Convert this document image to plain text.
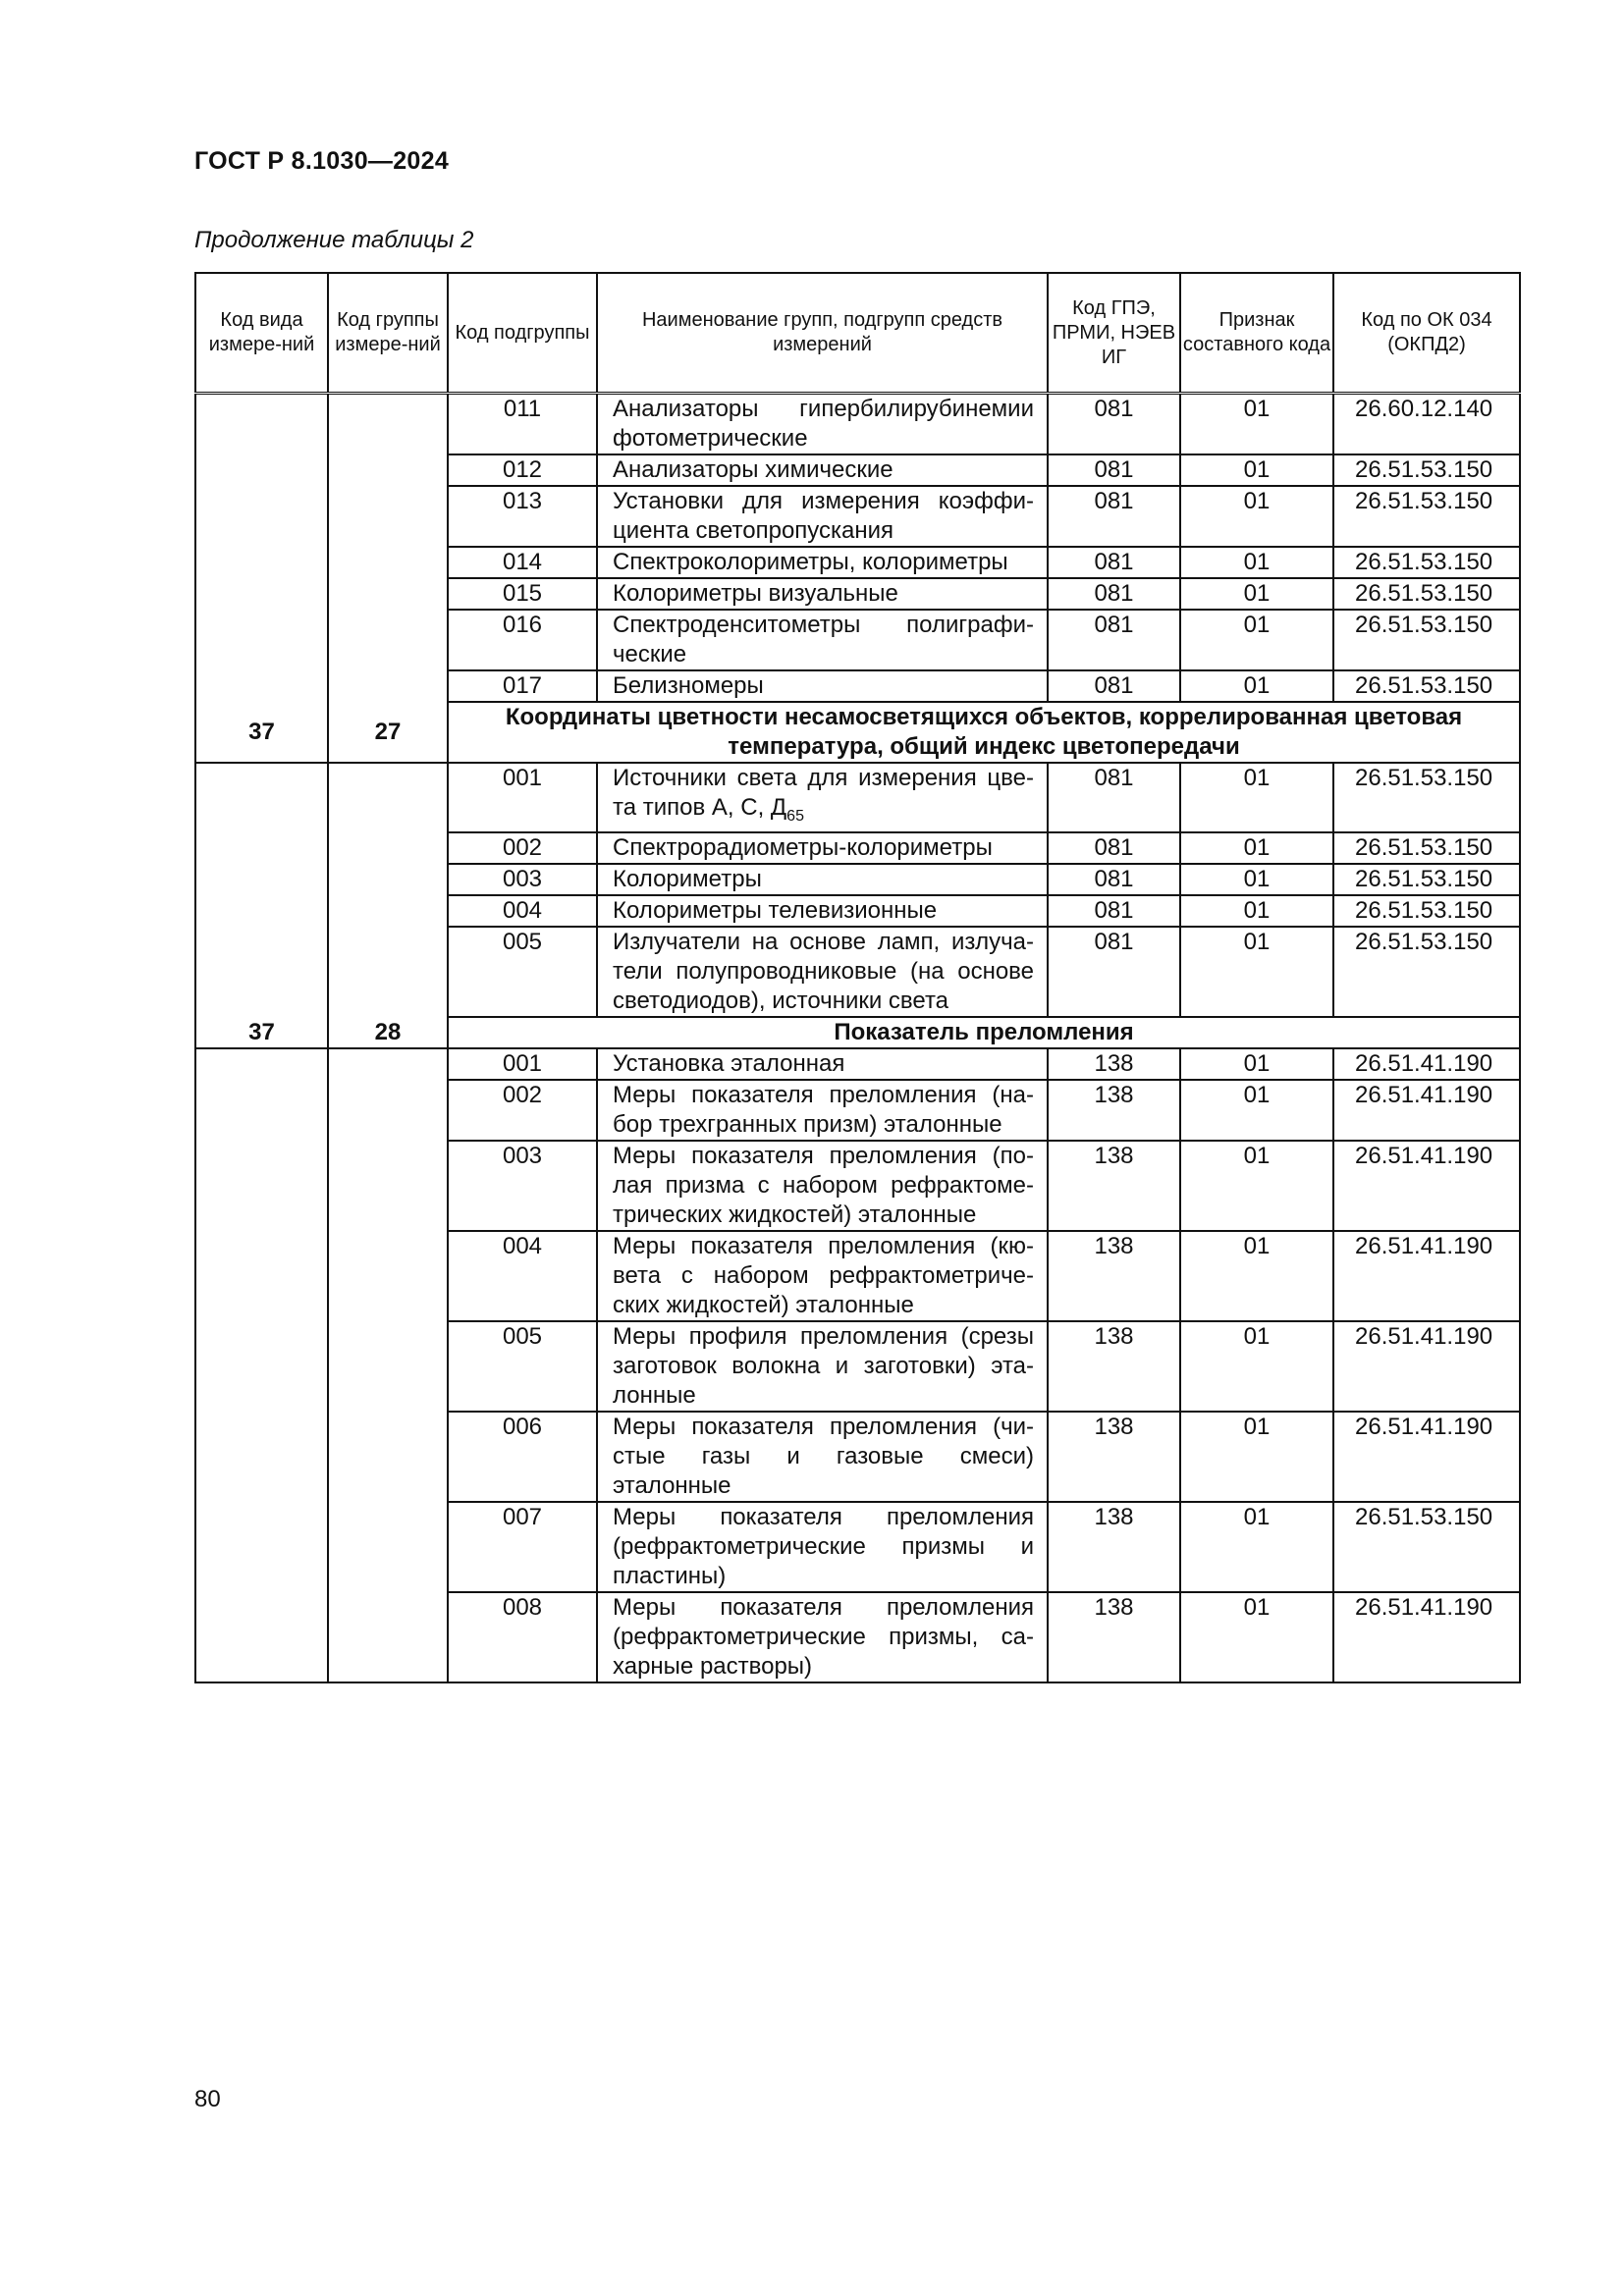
ГОСТ Р 8.1030—2024
Продолжение таблицы 2
Код вида измере-ний	Код группы измере-ний	Код подгруппы	Наименование групп, подгрупп средств измерений	Код ГПЭ, ПРМИ, НЭЕВ ИГ	Признак составного кода	Код по ОК 034 (ОКПД2)
		011	Анализаторы гипербилирубинемии фотометрические	081	01	26.60.12.140
		012	Анализаторы химические	081	01	26.51.53.150
		013	Установки для измерения коэффи-циента светопропускания	081	01	26.51.53.150
		014	Спектроколориметры, колориметры	081	01	26.51.53.150
		015	Колориметры визуальные	081	01	26.51.53.150
		016	Спектроденситометры полиграфи-ческие	081	01	26.51.53.150
		017	Белизномеры	081	01	26.51.53.150
37	27	Координаты цветности несамосветящихся объектов, коррелированная цветовая температура, общий индекс цветопередачи				
		001	Источники света для измерения цве-та типов A, C, $Д_{65}$	081	01	26.51.53.150
		002	Спектрорадиометры-колориметры	081	01	26.51.53.150
		003	Колориметры	081	01	26.51.53.150
		004	Колориметры телевизионные	081	01	26.51.53.150
		005	Излучатели на основе ламп, излуча-тели полупроводниковые (на основе светодиодов), источники света	081	01	26.51.53.150
37	28	Показатель преломления				
		001	Установка эталонная	138	01	26.51.41.190
		002	Меры показателя преломления (на-бор трехгранных призм) эталонные	138	01	26.51.41.190
		003	Меры показателя преломления (по-лая призма с набором рефрактоме-трических жидкостей) эталонные	138	01	26.51.41.190
		004	Меры показателя преломления (кю-вета с набором рефрактометриче-ских жидкостей) эталонные	138	01	26.51.41.190
		005	Меры профиля преломления (срезы заготовок волокна и заготовки) эта-лонные	138	01	26.51.41.190
		006	Меры показателя преломления (чи-стые газы и газовые смеси) эталонные	138	01	26.51.41.190
		007	Меры показателя преломления (рефрактометрические призмы и пластины)	138	01	26.51.53.150
		008	Меры показателя преломления (рефрактометрические призмы, са-харные растворы)	138	01	26.51.41.190
80
